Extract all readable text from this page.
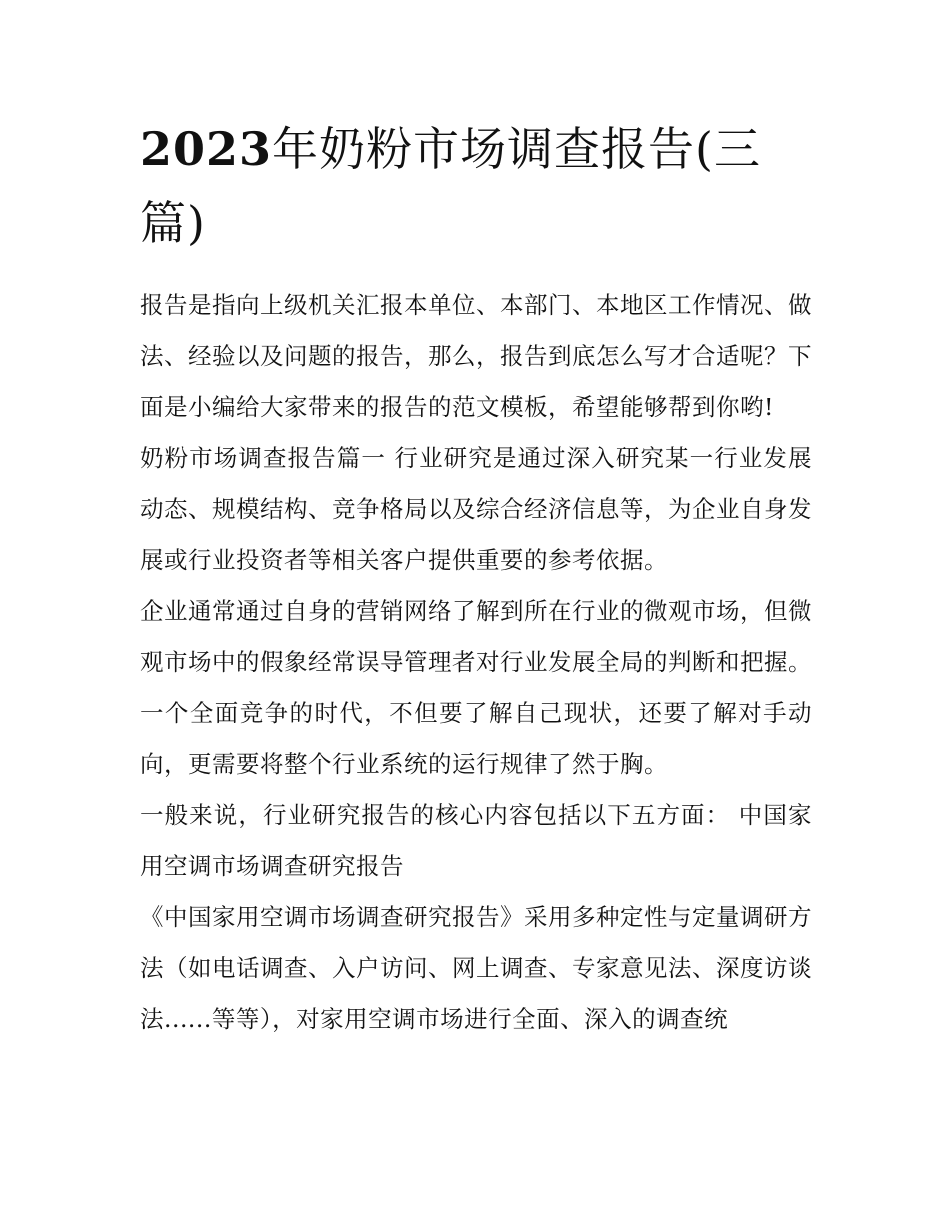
2023年奶粉市场调查报告(三篇)

报告是指向上级机关汇报本单位、本部门、本地区工作情况、做法、经验以及问题的报告，那么，报告到底怎么写才合适呢？下面是小编给大家带来的报告的范文模板，希望能够帮到你哟!

奶粉市场调查报告篇一 行业研究是通过深入研究某一行业发展动态、规模结构、竞争格局以及综合经济信息等，为企业自身发展或行业投资者等相关客户提供重要的参考依据。

企业通常通过自身的营销网络了解到所在行业的微观市场，但微观市场中的假象经常误导管理者对行业发展全局的判断和把握。一个全面竞争的时代，不但要了解自己现状，还要了解对手动向，更需要将整个行业系统的运行规律了然于胸。

一般来说，行业研究报告的核心内容包括以下五方面： 中国家用空调市场调查研究报告

《中国家用空调市场调查研究报告》采用多种定性与定量调研方法（如电话调查、入户访问、网上调查、专家意见法、深度访谈法......等等），对家用空调市场进行全面、深入的调查统
